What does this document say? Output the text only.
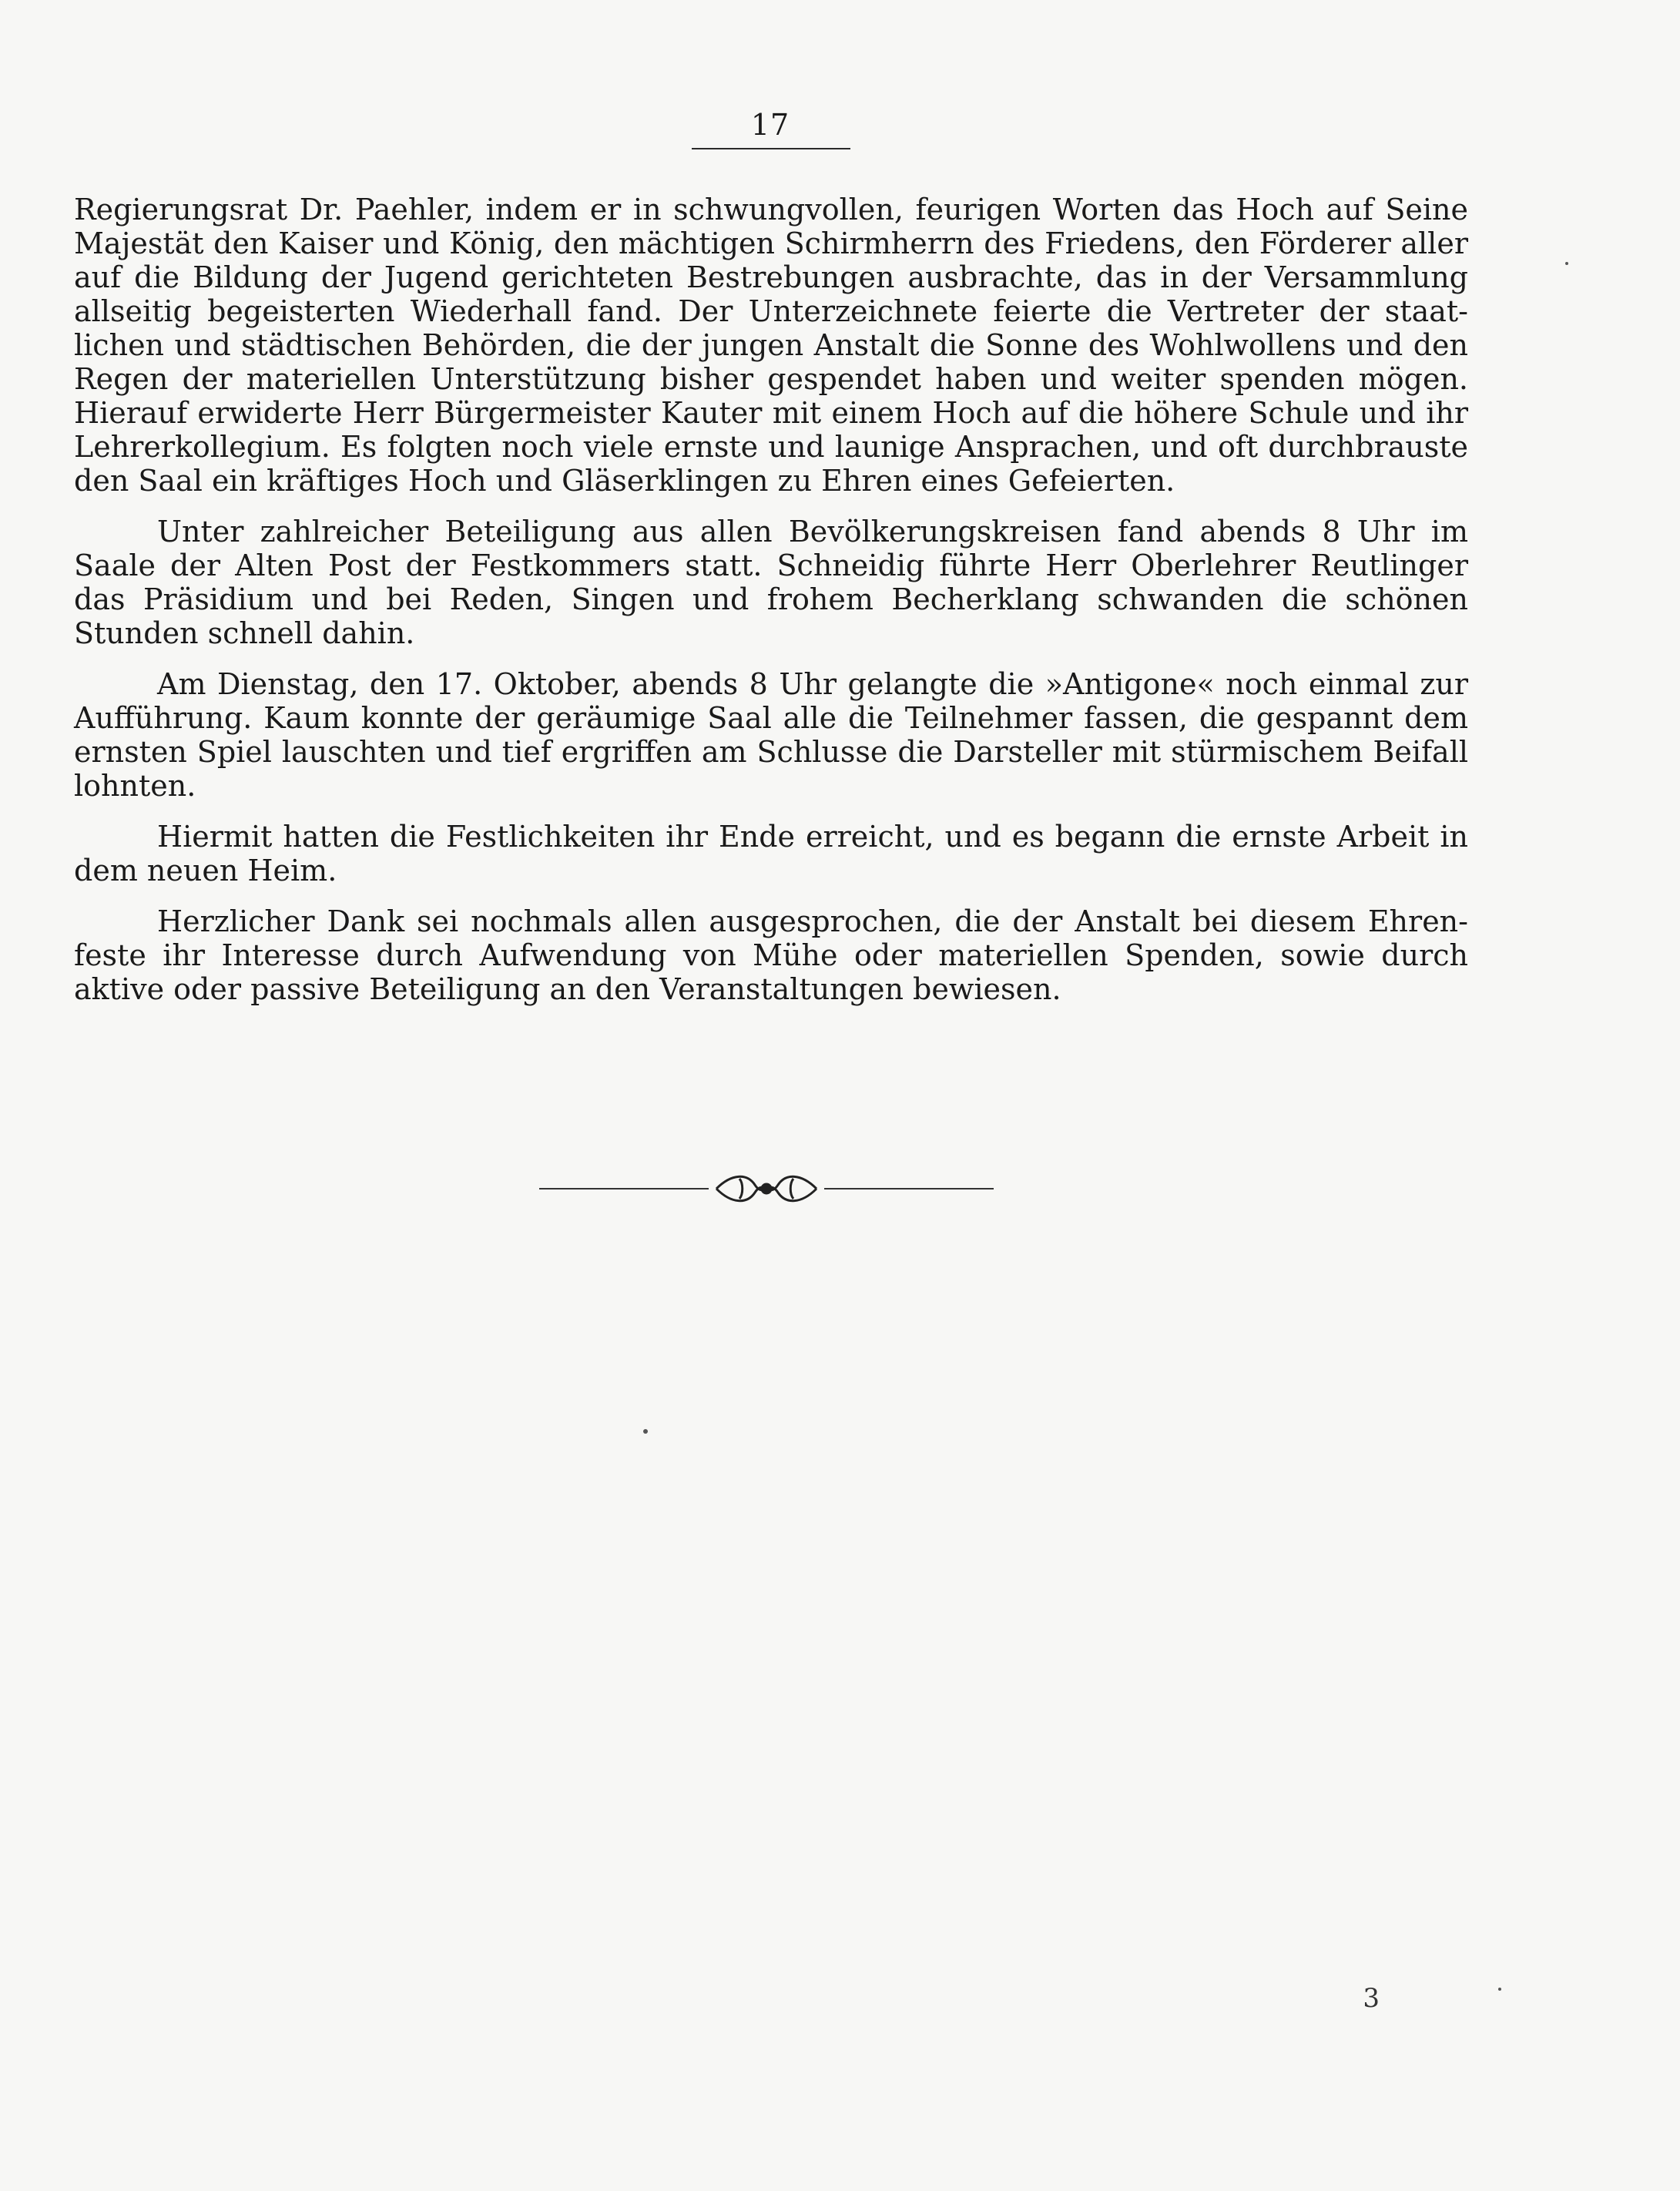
17

Regierungsrat Dr. Paehler, indem er in schwungvollen, feurigen Worten das Hoch auf Seine Majestät den Kaiser und König, den mächtigen Schirmherrn des Friedens, den Förderer aller auf die Bildung der Jugend gerichteten Bestrebungen ausbrachte, das in der Versammlung allseitig begeisterten Wiederhall fand. Der Unterzeichnete feierte die Vertreter der staatlichen und städtischen Behörden, die der jungen Anstalt die Sonne des Wohlwollens und den Regen der materiellen Unterstützung bisher gespendet haben und weiter spenden mögen. Hierauf erwiderte Herr Bürgermeister Kauter mit einem Hoch auf die höhere Schule und ihr Lehrerkollegium. Es folgten noch viele ernste und launige Ansprachen, und oft durchbrauste den Saal ein kräftiges Hoch und Gläserklingen zu Ehren eines Gefeierten.

Unter zahlreicher Beteiligung aus allen Bevölkerungskreisen fand abends 8 Uhr im Saale der Alten Post der Festkommers statt. Schneidig führte Herr Oberlehrer Reutlinger das Präsidium und bei Reden, Singen und frohem Becherklang schwanden die schönen Stunden schnell dahin.

Am Dienstag, den 17. Oktober, abends 8 Uhr gelangte die »Antigone« noch einmal zur Aufführung. Kaum konnte der geräumige Saal alle die Teilnehmer fassen, die gespannt dem ernsten Spiel lauschten und tief ergriffen am Schlusse die Darsteller mit stürmischem Beifall lohnten.

Hiermit hatten die Festlichkeiten ihr Ende erreicht, und es begann die ernste Arbeit in dem neuen Heim.

Herzlicher Dank sei nochmals allen ausgesprochen, die der Anstalt bei diesem Ehrenfeste ihr Interesse durch Aufwendung von Mühe oder materiellen Spenden, sowie durch aktive oder passive Beteiligung an den Veranstaltungen bewiesen.

3
